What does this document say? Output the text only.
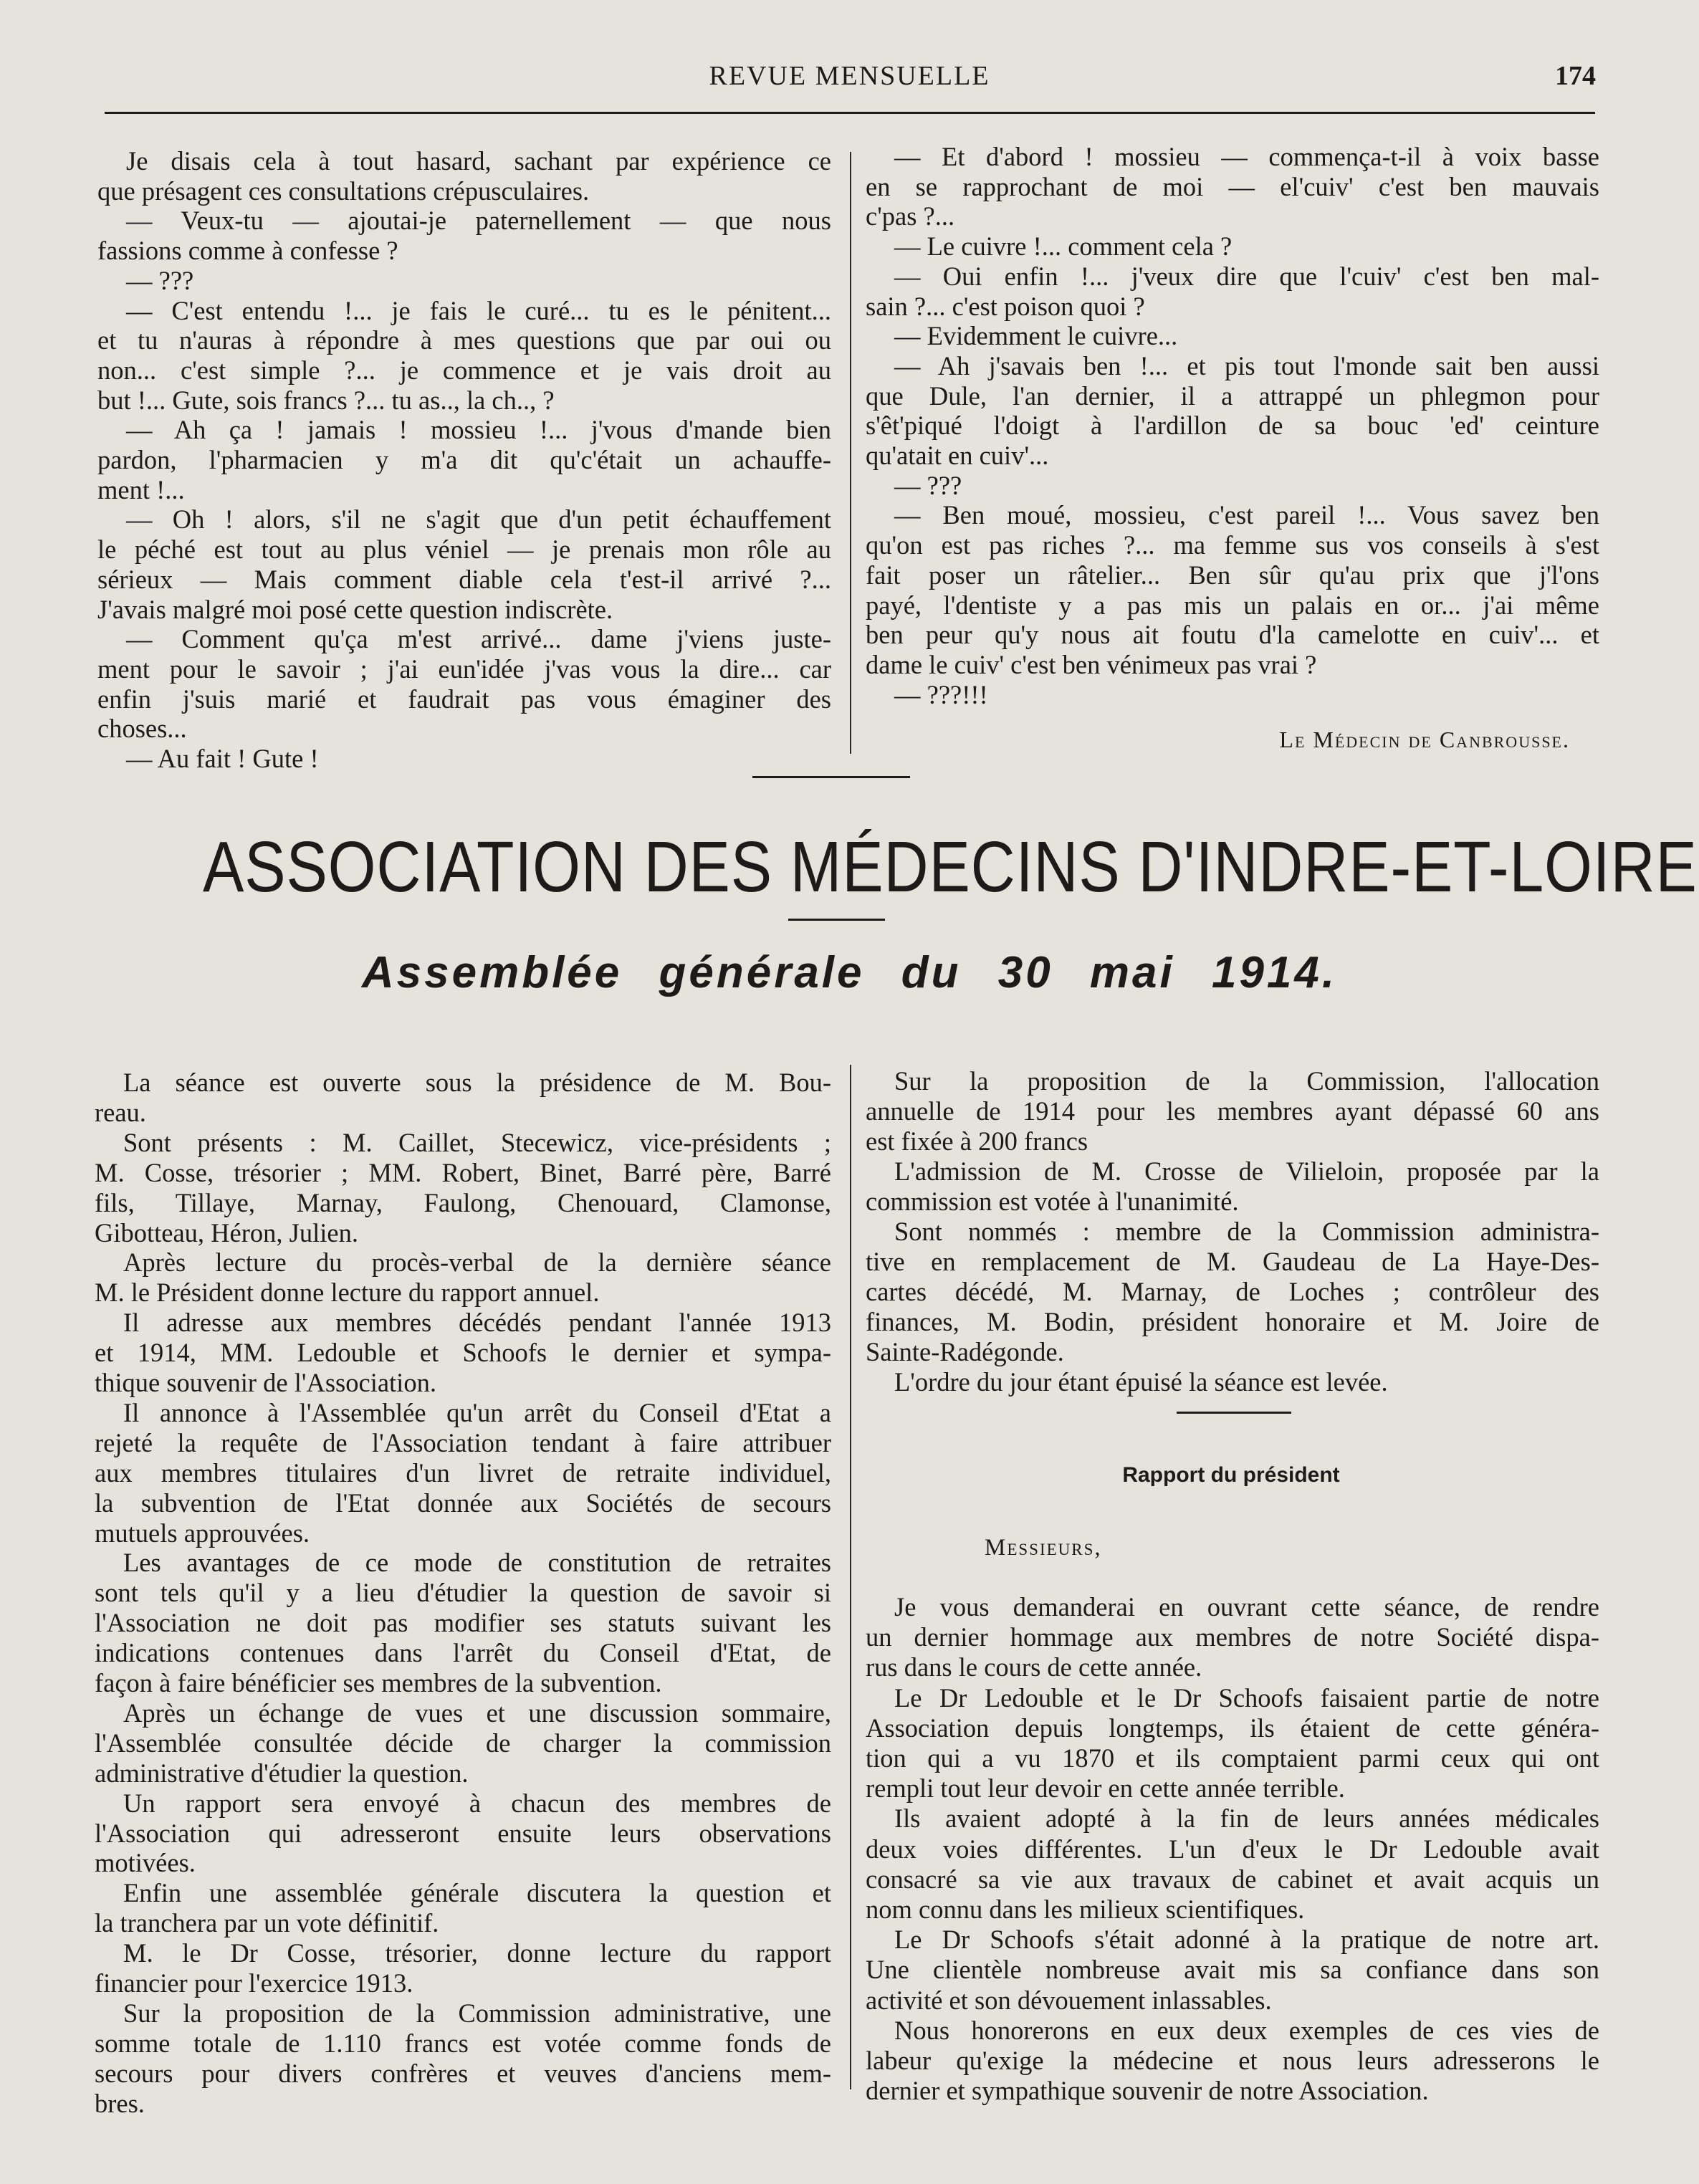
REVUE MENSUELLE	174
Je disais cela à tout hasard, sachant par expérience ce
que présagent ces consultations crépusculaires.
— Veux-tu — ajoutai-je paternellement — que nous
fassions comme à confesse ?
— ???
— C'est entendu !... je fais le curé... tu es le pénitent...
et tu n'auras à répondre à mes questions que par oui ou
non... c'est simple ?... je commence et je vais droit au
but !... Gute, sois francs ?... tu as.., la ch.., ?
— Ah ça ! jamais ! mossieu !... j'vous d'mande bien
pardon, l'pharmacien y m'a dit qu'c'était un achauffe-
ment !...
— Oh ! alors, s'il ne s'agit que d'un petit échauffement
le péché est tout au plus véniel — je prenais mon rôle au
sérieux — Mais comment diable cela t'est-il arrivé ?...
J'avais malgré moi posé cette question indiscrète.
— Comment qu'ça m'est arrivé... dame j'viens juste-
ment pour le savoir ; j'ai eun'idée j'vas vous la dire... car
enfin j'suis marié et faudrait pas vous émaginer des
choses...
— Au fait ! Gute !
— Et d'abord ! mossieu — commença-t-il à voix basse
en se rapprochant de moi — el'cuiv' c'est ben mauvais
c'pas ?...
— Le cuivre !... comment cela ?
— Oui enfin !... j'veux dire que l'cuiv' c'est ben mal-
sain ?... c'est poison quoi ?
— Evidemment le cuivre...
— Ah j'savais ben !... et pis tout l'monde sait ben aussi
que Dule, l'an dernier, il a attrappé un phlegmon pour
s'êt'piqué l'doigt à l'ardillon de sa bouc 'ed' ceinture
qu'atait en cuiv'...
— ???
— Ben moué, mossieu, c'est pareil !... Vous savez ben
qu'on est pas riches ?... ma femme sus vos conseils à s'est
fait poser un râtelier... Ben sûr qu'au prix que j'l'ons
payé, l'dentiste y a pas mis un palais en or... j'ai même
ben peur qu'y nous ait foutu d'la camelotte en cuiv'... et
dame le cuiv' c'est ben vénimeux pas vrai ?
— ???!!!
Le Médecin de Canbrousse.
ASSOCIATION DES MÉDECINS D'INDRE-ET-LOIRE
Assemblée générale du 30 mai 1914.
La séance est ouverte sous la présidence de M. Bou-
reau.
Sont présents : M. Caillet, Stecewicz, vice-présidents ;
M. Cosse, trésorier ; MM. Robert, Binet, Barré père, Barré
fils, Tillaye, Marnay, Faulong, Chenouard, Clamonse,
Gibotteau, Héron, Julien.
Après lecture du procès-verbal de la dernière séance
M. le Président donne lecture du rapport annuel.
Il adresse aux membres décédés pendant l'année 1913
et 1914, MM. Ledouble et Schoofs le dernier et sympa-
thique souvenir de l'Association.
Il annonce à l'Assemblée qu'un arrêt du Conseil d'Etat a
rejeté la requête de l'Association tendant à faire attribuer
aux membres titulaires d'un livret de retraite individuel,
la subvention de l'Etat donnée aux Sociétés de secours
mutuels approuvées.
Les avantages de ce mode de constitution de retraites
sont tels qu'il y a lieu d'étudier la question de savoir si
l'Association ne doit pas modifier ses statuts suivant les
indications contenues dans l'arrêt du Conseil d'Etat, de
façon à faire bénéficier ses membres de la subvention.
Après un échange de vues et une discussion sommaire,
l'Assemblée consultée décide de charger la commission
administrative d'étudier la question.
Un rapport sera envoyé à chacun des membres de
l'Association qui adresseront ensuite leurs observations
motivées.
Enfin une assemblée générale discutera la question et
la tranchera par un vote définitif.
M. le Dr Cosse, trésorier, donne lecture du rapport
financier pour l'exercice 1913.
Sur la proposition de la Commission administrative, une
somme totale de 1.110 francs est votée comme fonds de
secours pour divers confrères et veuves d'anciens mem-
bres.
Sur la proposition de la Commission, l'allocation
annuelle de 1914 pour les membres ayant dépassé 60 ans
est fixée à 200 francs
L'admission de M. Crosse de Vilieloin, proposée par la
commission est votée à l'unanimité.
Sont nommés : membre de la Commission administra-
tive en remplacement de M. Gaudeau de La Haye-Des-
cartes décédé, M. Marnay, de Loches ; contrôleur des
finances, M. Bodin, président honoraire et M. Joire de
Sainte-Radégonde.
L'ordre du jour étant épuisé la séance est levée.
Rapport du président
Messieurs,
Je vous demanderai en ouvrant cette séance, de rendre
un dernier hommage aux membres de notre Société dispa-
rus dans le cours de cette année.
Le Dr Ledouble et le Dr Schoofs faisaient partie de notre
Association depuis longtemps, ils étaient de cette généra-
tion qui a vu 1870 et ils comptaient parmi ceux qui ont
rempli tout leur devoir en cette année terrible.
Ils avaient adopté à la fin de leurs années médicales
deux voies différentes. L'un d'eux le Dr Ledouble avait
consacré sa vie aux travaux de cabinet et avait acquis un
nom connu dans les milieux scientifiques.
Le Dr Schoofs s'était adonné à la pratique de notre art.
Une clientèle nombreuse avait mis sa confiance dans son
activité et son dévouement inlassables.
Nous honorerons en eux deux exemples de ces vies de
labeur qu'exige la médecine et nous leurs adresserons le
dernier et sympathique souvenir de notre Association.
